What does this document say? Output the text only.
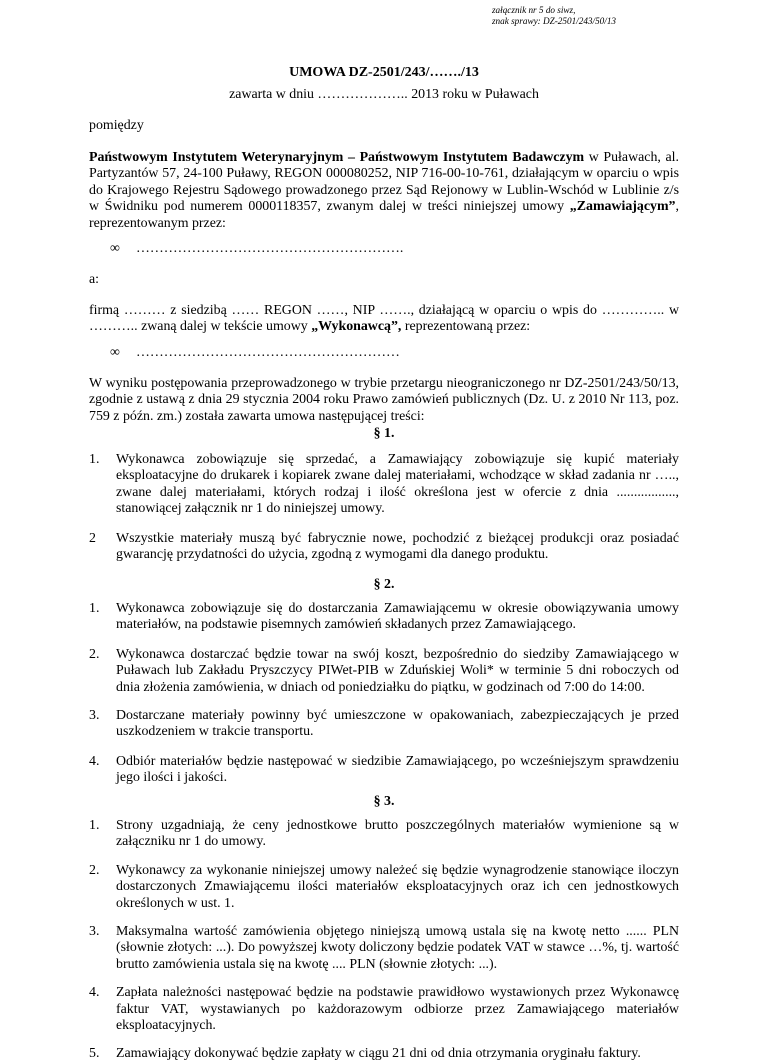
załącznik nr 5 do siwz,
znak sprawy: DZ-2501/243/50/13
UMOWA DZ-2501/243/……./13
zawarta w dniu ……………….. 2013 roku w Puławach
pomiędzy
Państwowym Instytutem Weterynaryjnym – Państwowym Instytutem Badawczym w Puławach, al. Partyzantów 57, 24-100 Puławy, REGON 000080252, NIP 716-00-10-761, działającym w oparciu o wpis do Krajowego Rejestru Sądowego prowadzonego przez Sąd Rejonowy w Lublin-Wschód w Lublinie z/s w Świdniku pod numerem 0000118357, zwanym dalej w treści niniejszej umowy „Zamawiającym”, reprezentowanym przez:
∞ ………………………………………………….
a:
firmą ……… z siedzibą …… REGON ……, NIP ……., działającą w oparciu o wpis do ………….. w ……….. zwaną dalej w tekście umowy „Wykonawcą”, reprezentowaną przez:
∞ …………………………………………………
W wyniku postępowania przeprowadzonego w trybie przetargu nieograniczonego nr DZ-2501/243/50/13, zgodnie z ustawą z dnia 29 stycznia 2004 roku Prawo zamówień publicznych (Dz. U. z 2010 Nr 113, poz. 759 z późn. zm.) została zawarta umowa następującej treści:
§ 1.
1.	Wykonawca zobowiązuje się sprzedać, a Zamawiający zobowiązuje się kupić materiały eksploatacyjne do drukarek i kopiarek zwane dalej materiałami, wchodzące w skład zadania nr ….., zwane dalej materiałami, których rodzaj i ilość określona jest w ofercie z dnia ................., stanowiącej załącznik nr 1 do niniejszej umowy.
2	Wszystkie materiały muszą być fabrycznie nowe, pochodzić z bieżącej produkcji oraz posiadać gwarancję przydatności do użycia, zgodną z wymogami dla danego produktu.
§ 2.
1.	Wykonawca zobowiązuje się do dostarczania Zamawiającemu w okresie obowiązywania umowy materiałów, na podstawie pisemnych zamówień składanych przez Zamawiającego.
2.	Wykonawca dostarczać będzie towar na swój koszt, bezpośrednio do siedziby Zamawiającego w Puławach lub Zakładu Pryszczycy PIWet-PIB w Zduńskiej Woli* w terminie 5 dni roboczych od dnia złożenia zamówienia, w dniach od poniedziałku do piątku, w godzinach od 7:00 do 14:00.
3.	Dostarczane materiały powinny być umieszczone w opakowaniach, zabezpieczających je przed uszkodzeniem w trakcie transportu.
4.	Odbiór materiałów będzie następować w siedzibie Zamawiającego, po wcześniejszym sprawdzeniu jego ilości i jakości.
§ 3.
1.	Strony uzgadniają, że ceny jednostkowe brutto poszczególnych materiałów wymienione są w załączniku nr 1 do umowy.
2.	Wykonawcy za wykonanie niniejszej umowy należeć się będzie wynagrodzenie stanowiące iloczyn dostarczonych Zmawiającemu ilości materiałów eksploatacyjnych oraz ich cen jednostkowych określonych w ust. 1.
3.	Maksymalna wartość zamówienia objętego niniejszą umową ustala się na kwotę netto ...... PLN (słownie złotych: ...). Do powyższej kwoty doliczony będzie podatek VAT w stawce …%, tj. wartość brutto zamówienia ustala się na kwotę .... PLN (słownie złotych: ...).
4.	Zapłata należności następować będzie na podstawie prawidłowo wystawionych przez Wykonawcę faktur VAT, wystawianych po każdorazowym odbiorze przez Zamawiającego materiałów eksploatacyjnych.
5.	Zamawiający dokonywać będzie zapłaty w ciągu 21 dni od dnia otrzymania oryginału faktury.
